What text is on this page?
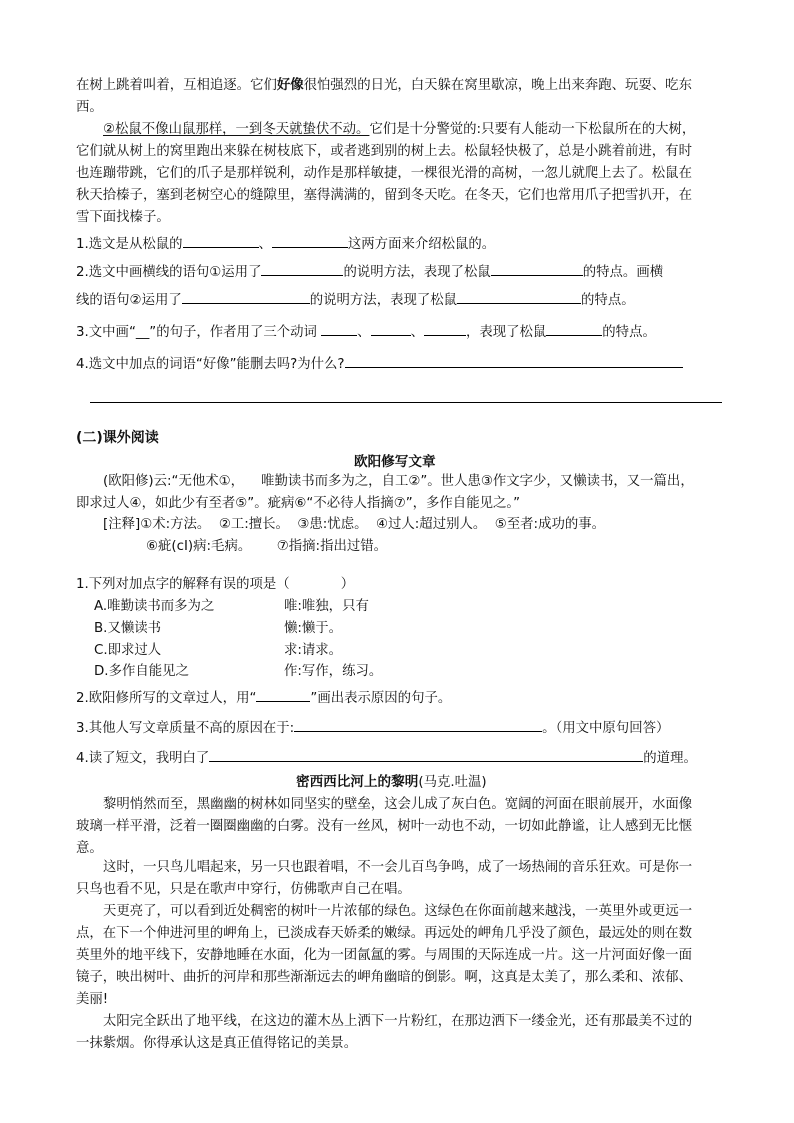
在树上跳着叫着，互相追逐。它们好像很怕强烈的日光，白天躲在窝里歇凉，晚上出来奔跑、玩耍、吃东
西。
②松鼠不像山鼠那样，一到冬天就蛰伏不动。它们是十分警觉的:只要有人能动一下松鼠所在的大树，
它们就从树上的窝里跑出来躲在树枝底下，或者逃到别的树上去。松鼠轻快极了，总是小跳着前进，有时
也连蹦带跳，它们的爪子是那样锐利，动作是那样敏捷，一棵很光滑的高树，一忽儿就爬上去了。松鼠在
秋天拾榛子，塞到老树空心的缝隙里，塞得满满的，留到冬天吃。在冬天，它们也常用爪子把雪扒开，在
雪下面找榛子。
1.选文是从松鼠的	、	这两方面来介绍松鼠的。
2.选文中画横线的语句①运用了	的说明方法，表现了松鼠	的特点。画横
线的语句②运用了	的说明方法，表现了松鼠	的特点。
3.文中画“__”的句子，作者用了三个动词	、	、	，表现了松鼠	的特点。
4.选文中加点的词语“好像”能删去吗?为什么?
(二)课外阅读
欧阳修写文章
(欧阳修)云:“无他术①，    唯勤读书而多为之，自工②”。世人患③作文字少，又懒读书，又一篇出，
即求过人④，如此少有至者⑤”。疵病⑥“不必待人指摘⑦”，多作自能见之。”
[注释]①术:方法。  ②工:擅长。  ③患:忧虑。  ④过人:超过别人。  ⑤至者:成功的事。
⑥疵(cI)病:毛病。      ⑦指摘:指出过错。
1.下列对加点字的解释有误的项是（            ）
A.唯勤读书而多为之	唯:唯独，只有
B.又懒读书	懒:懒于。
C.即求过人	求:请求。
D.多作自能见之	作:写作，练习。
2.欧阳修所写的文章过人，用“	”画出表示原因的句子。
3.其他人写文章质量不高的原因在于:	。（用文中原句回答）
4.读了短文，我明白了	的道理。
密西西比河上的黎明(马克.吐温)
黎明悄然而至，黑幽幽的树林如同坚实的壁垒，这会儿成了灰白色。宽阔的河面在眼前展开，水面像
玻璃一样平滑，泛着一圈圈幽幽的白雾。没有一丝风，树叶一动也不动，一切如此静谧，让人感到无比惬
意。
这时，一只鸟儿唱起来，另一只也跟着唱，不一会儿百鸟争鸣，成了一场热闹的音乐狂欢。可是你一
只鸟也看不见，只是在歌声中穿行，仿佛歌声自己在唱。
天更亮了，可以看到近处稠密的树叶一片浓郁的绿色。这绿色在你面前越来越浅，一英里外或更远一
点，在下一个伸进河里的岬角上，已淡成春天娇柔的嫩绿。再远处的岬角几乎没了颜色，最远处的则在数
英里外的地平线下，安静地睡在水面，化为一团氤氲的雾。与周围的天际连成一片。这一片河面好像一面
镜子，映出树叶、曲折的河岸和那些渐渐远去的岬角幽暗的倒影。啊，这真是太美了，那么柔和、浓郁、
美丽!
太阳完全跃出了地平线，在这边的灌木丛上洒下一片粉红，在那边洒下一缕金光，还有那最美不过的
一抹紫烟。你得承认这是真正值得铭记的美景。
